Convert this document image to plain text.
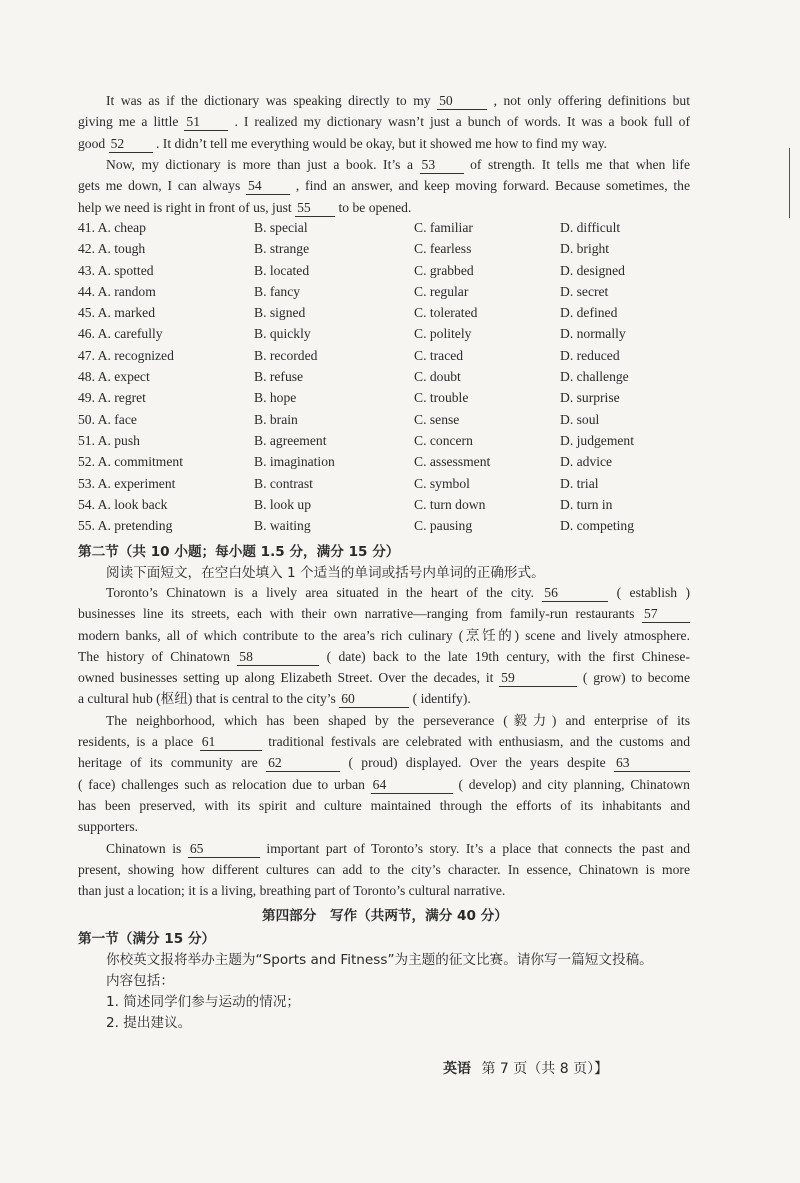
It was as if the dictionary was speaking directly to my 50	, not only offering definitions but
giving me a little 51	. I realized my dictionary wasn’t just a bunch of words. It was a book full of
good 52 . It didn’t tell me everything would be okay, but it showed me how to find my way.
Now, my dictionary is more than just a book. It’s a 53	of strength. It tells me that when life
gets me down, I can always 54	, find an answer, and keep moving forward. Because sometimes, the
help we need is right in front of us, just 55 to be opened.
41. A. cheap	B. special	C. familiar	D. difficult
42. A. tough	B. strange	C. fearless	D. bright
43. A. spotted	B. located	C. grabbed	D. designed
44. A. random	B. fancy	C. regular	D. secret
45. A. marked	B. signed	C. tolerated	D. defined
46. A. carefully	B. quickly	C. politely	D. normally
47. A. recognized	B. recorded	C. traced	D. reduced
48. A. expect	B. refuse	C. doubt	D. challenge
49. A. regret	B. hope	C. trouble	D. surprise
50. A. face	B. brain	C. sense	D. soul
51. A. push	B. agreement	C. concern	D. judgement
52. A. commitment	B. imagination	C. assessment	D. advice
53. A. experiment	B. contrast	C. symbol	D. trial
54. A. look back	B. look up	C. turn down	D. turn in
55. A. pretending	B. waiting	C. pausing	D. competing
第二节（共 10 小题；每小题 1.5 分，满分 15 分）
阅读下面短文，在空白处填入 1 个适当的单词或括号内单词的正确形式。
Toronto’s Chinatown is a lively area situated in the heart of the city. 56	( establish )
businesses line its streets, each with their own narrative—ranging from family-run restaurants 57
modern banks, all of which contribute to the area’s rich culinary (烹饪的) scene and lively atmosphere.
The history of Chinatown 58	( date) back to the late 19th century, with the first Chinese-
owned businesses setting up along Elizabeth Street. Over the decades, it 59	( grow) to become
a cultural hub (枢纽) that is central to the city’s 60	( identify).
The neighborhood, which has been shaped by the perseverance (毅力) and enterprise of its
residents, is a place 61	traditional festivals are celebrated with enthusiasm, and the customs and
heritage of its community are 62	( proud) displayed. Over the years despite 63
( face) challenges such as relocation due to urban 64	( develop) and city planning, Chinatown
has been preserved, with its spirit and culture maintained through the efforts of its inhabitants and
supporters.
Chinatown is 65	important part of Toronto’s story. It’s a place that connects the past and
present, showing how different cultures can add to the city’s character. In essence, Chinatown is more
than just a location; it is a living, breathing part of Toronto’s cultural narrative.
第四部分　写作（共两节，满分 40 分）
第一节（满分 15 分）
你校英文报将举办主题为“Sports and Fitness”为主题的征文比赛。请你写一篇短文投稿。
内容包括：
1. 简述同学们参与运动的情况；
2. 提出建议。
英语 第 7 页（共 8 页）】
